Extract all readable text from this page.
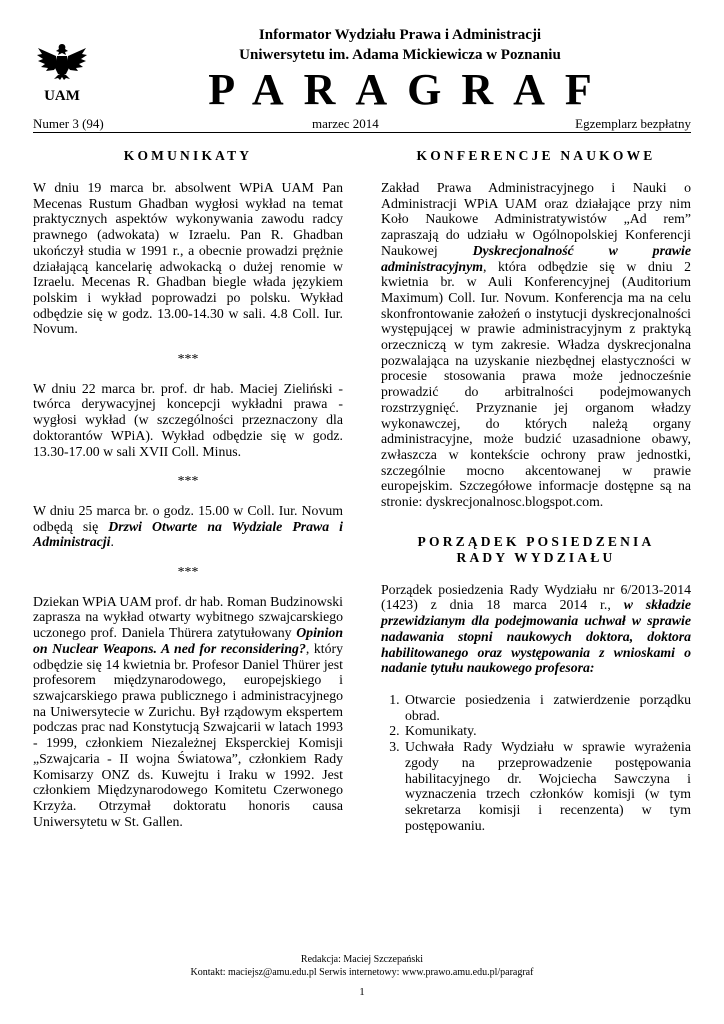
UAM
Informator Wydziału Prawa i Administracji
Uniwersytetu im. Adama Mickiewicza w Poznaniu
PARAGRAF
Numer 3 (94)	marzec 2014	Egzemplarz bezpłatny
KOMUNIKATY

W dniu 19 marca br. absolwent WPiA UAM Pan Mecenas Rustum Ghadban wygłosi wykład na temat praktycznych aspektów wykonywania zawodu radcy prawnego (adwokata) w Izraelu. Pan R. Ghadban ukończył studia w 1991 r., a obecnie prowadzi prężnie działającą kancelarię adwokacką o dużej renomie w Izraelu. Mecenas R. Ghadban biegle włada językiem polskim i wykład poprowadzi po polsku. Wykład odbędzie się w godz. 13.00-14.30 w sali. 4.8 Coll. Iur. Novum.

***

W dniu 22 marca br. prof. dr hab. Maciej Zieliński - twórca derywacyjnej koncepcji wykładni prawa - wygłosi wykład (w szczególności przeznaczony dla doktorantów WPiA). Wykład odbędzie się w godz. 13.30-17.00 w sali XVII Coll. Minus.

***

W dniu 25 marca br. o godz. 15.00 w Coll. Iur. Novum odbędą się Drzwi Otwarte na Wydziale Prawa i Administracji.

***

Dziekan WPiA UAM prof. dr hab. Roman Budzinowski zaprasza na wykład otwarty wybitnego szwajcarskiego uczonego prof. Daniela Thürera zatytułowany Opinion on Nuclear Weapons. A ned for reconsidering?, który odbędzie się 14 kwietnia br. Profesor Daniel Thürer jest profesorem międzynarodowego, europejskiego i szwajcarskiego prawa publicznego i administracyjnego na Uniwersytecie w Zurichu. Był rządowym ekspertem podczas prac nad Konstytucją Szwajcarii w latach 1993 - 1999, członkiem Niezależnej Eksperckiej Komisji „Szwajcaria - II wojna Światowa”, członkiem Rady Komisarzy ONZ ds. Kuwejtu i Iraku w 1992. Jest członkiem Międzynarodowego Komitetu Czerwonego Krzyża. Otrzymał doktoratu honoris causa Uniwersytetu w St. Gallen.

KONFERENCJE NAUKOWE

Zakład Prawa Administracyjnego i Nauki o Administracji WPiA UAM oraz działające przy nim Koło Naukowe Administratywistów „Ad rem” zapraszają do udziału w Ogólnopolskiej Konferencji Naukowej Dyskrecjonalność w prawie administracyjnym, która odbędzie się w dniu 2 kwietnia br. w Auli Konferencyjnej (Auditorium Maximum) Coll. Iur. Novum. Konferencja ma na celu skonfrontowanie założeń o instytucji dyskrecjonalności występującej w prawie administracyjnym z praktyką orzeczniczą w tym zakresie. Władza dyskrecjonalna pozwalająca na uzyskanie niezbędnej elastyczności w procesie stosowania prawa może jednocześnie prowadzić do arbitralności podejmowanych rozstrzygnięć. Przyznanie jej organom władzy wykonawczej, do których należą organy administracyjne, może budzić uzasadnione obawy, zwłaszcza w kontekście ochrony praw jednostki, szczególnie mocno akcentowanej w prawie europejskim. Szczegółowe informacje dostępne są na stronie: dyskrecjonalnosc.blogspot.com.

PORZĄDEK POSIEDZENIA
RADY WYDZIAŁU

Porządek posiedzenia Rady Wydziału nr 6/2013-2014 (1423) z dnia 18 marca 2014 r., w składzie przewidzianym dla podejmowania uchwał w sprawie nadawania stopni naukowych doktora, doktora habilitowanego oraz występowania z wnioskami o nadanie tytułu naukowego profesora:

1. Otwarcie posiedzenia i zatwierdzenie porządku obrad.
2. Komunikaty.
3. Uchwała Rady Wydziału w sprawie wyrażenia zgody na przeprowadzenie postępowania habilitacyjnego dr. Wojciecha Sawczyna i wyznaczenia trzech członków komisji (w tym sekretarza komisji i recenzenta) w tym postępowaniu.
Redakcja: Maciej Szczepański
Kontakt: maciejsz@amu.edu.pl Serwis internetowy: www.prawo.amu.edu.pl/paragraf
1
